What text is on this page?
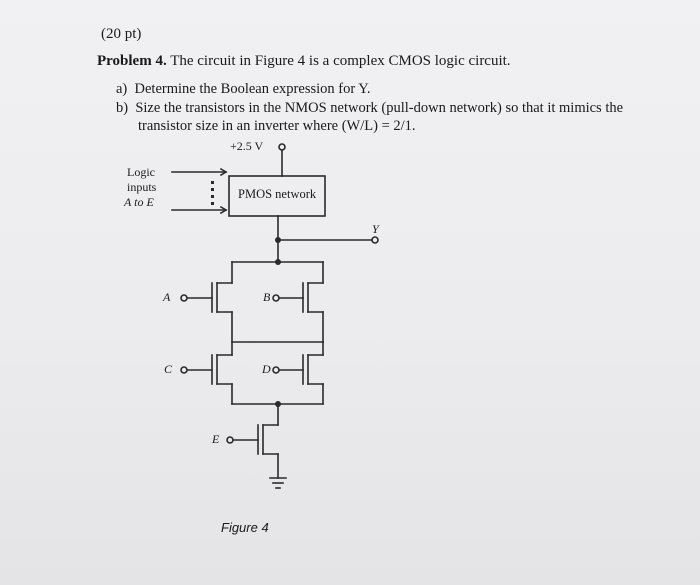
(20 pt)
Problem 4. The circuit in Figure 4 is a complex CMOS logic circuit.
a) Determine the Boolean expression for Y.
b) Size the transistors in the NMOS network (pull-down network) so that it mimics the
transistor size in an inverter where (W/L) = 2/1.
+2.5 V
Logic
inputs
A to E
PMOS network
Y
A	B
C	D
E
Figure 4
